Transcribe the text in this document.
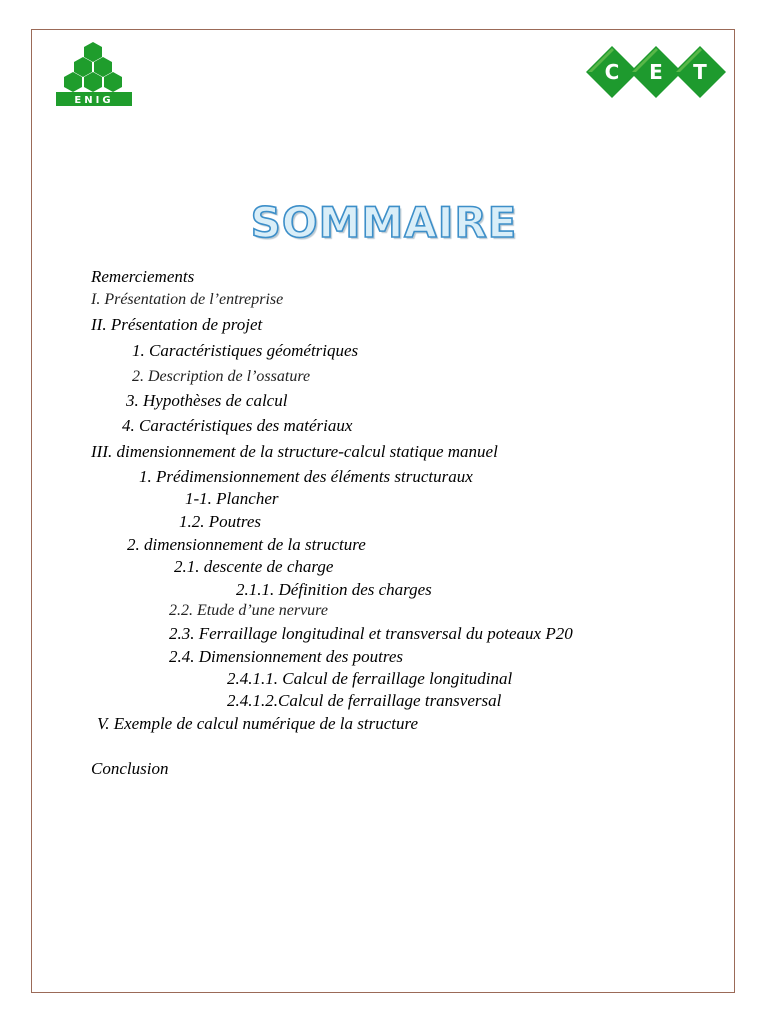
ENIG
C E T
SOMMAIRE
Remerciements
I. Présentation de l’entreprise
II. Présentation de projet
1. Caractéristiques géométriques
2. Description de l’ossature
3. Hypothèses de calcul
4. Caractéristiques des matériaux
III. dimensionnement de la structure-calcul statique manuel
1. Prédimensionnement des éléments structuraux
1-1. Plancher
1.2. Poutres
2. dimensionnement de la structure
2.1. descente de charge
2.1.1. Définition des charges
2.2. Etude d’une nervure
2.3. Ferraillage longitudinal et transversal du poteaux P20
2.4. Dimensionnement des poutres
2.4.1.1. Calcul de ferraillage longitudinal
2.4.1.2.Calcul de ferraillage transversal
V. Exemple de calcul numérique de la structure
Conclusion
